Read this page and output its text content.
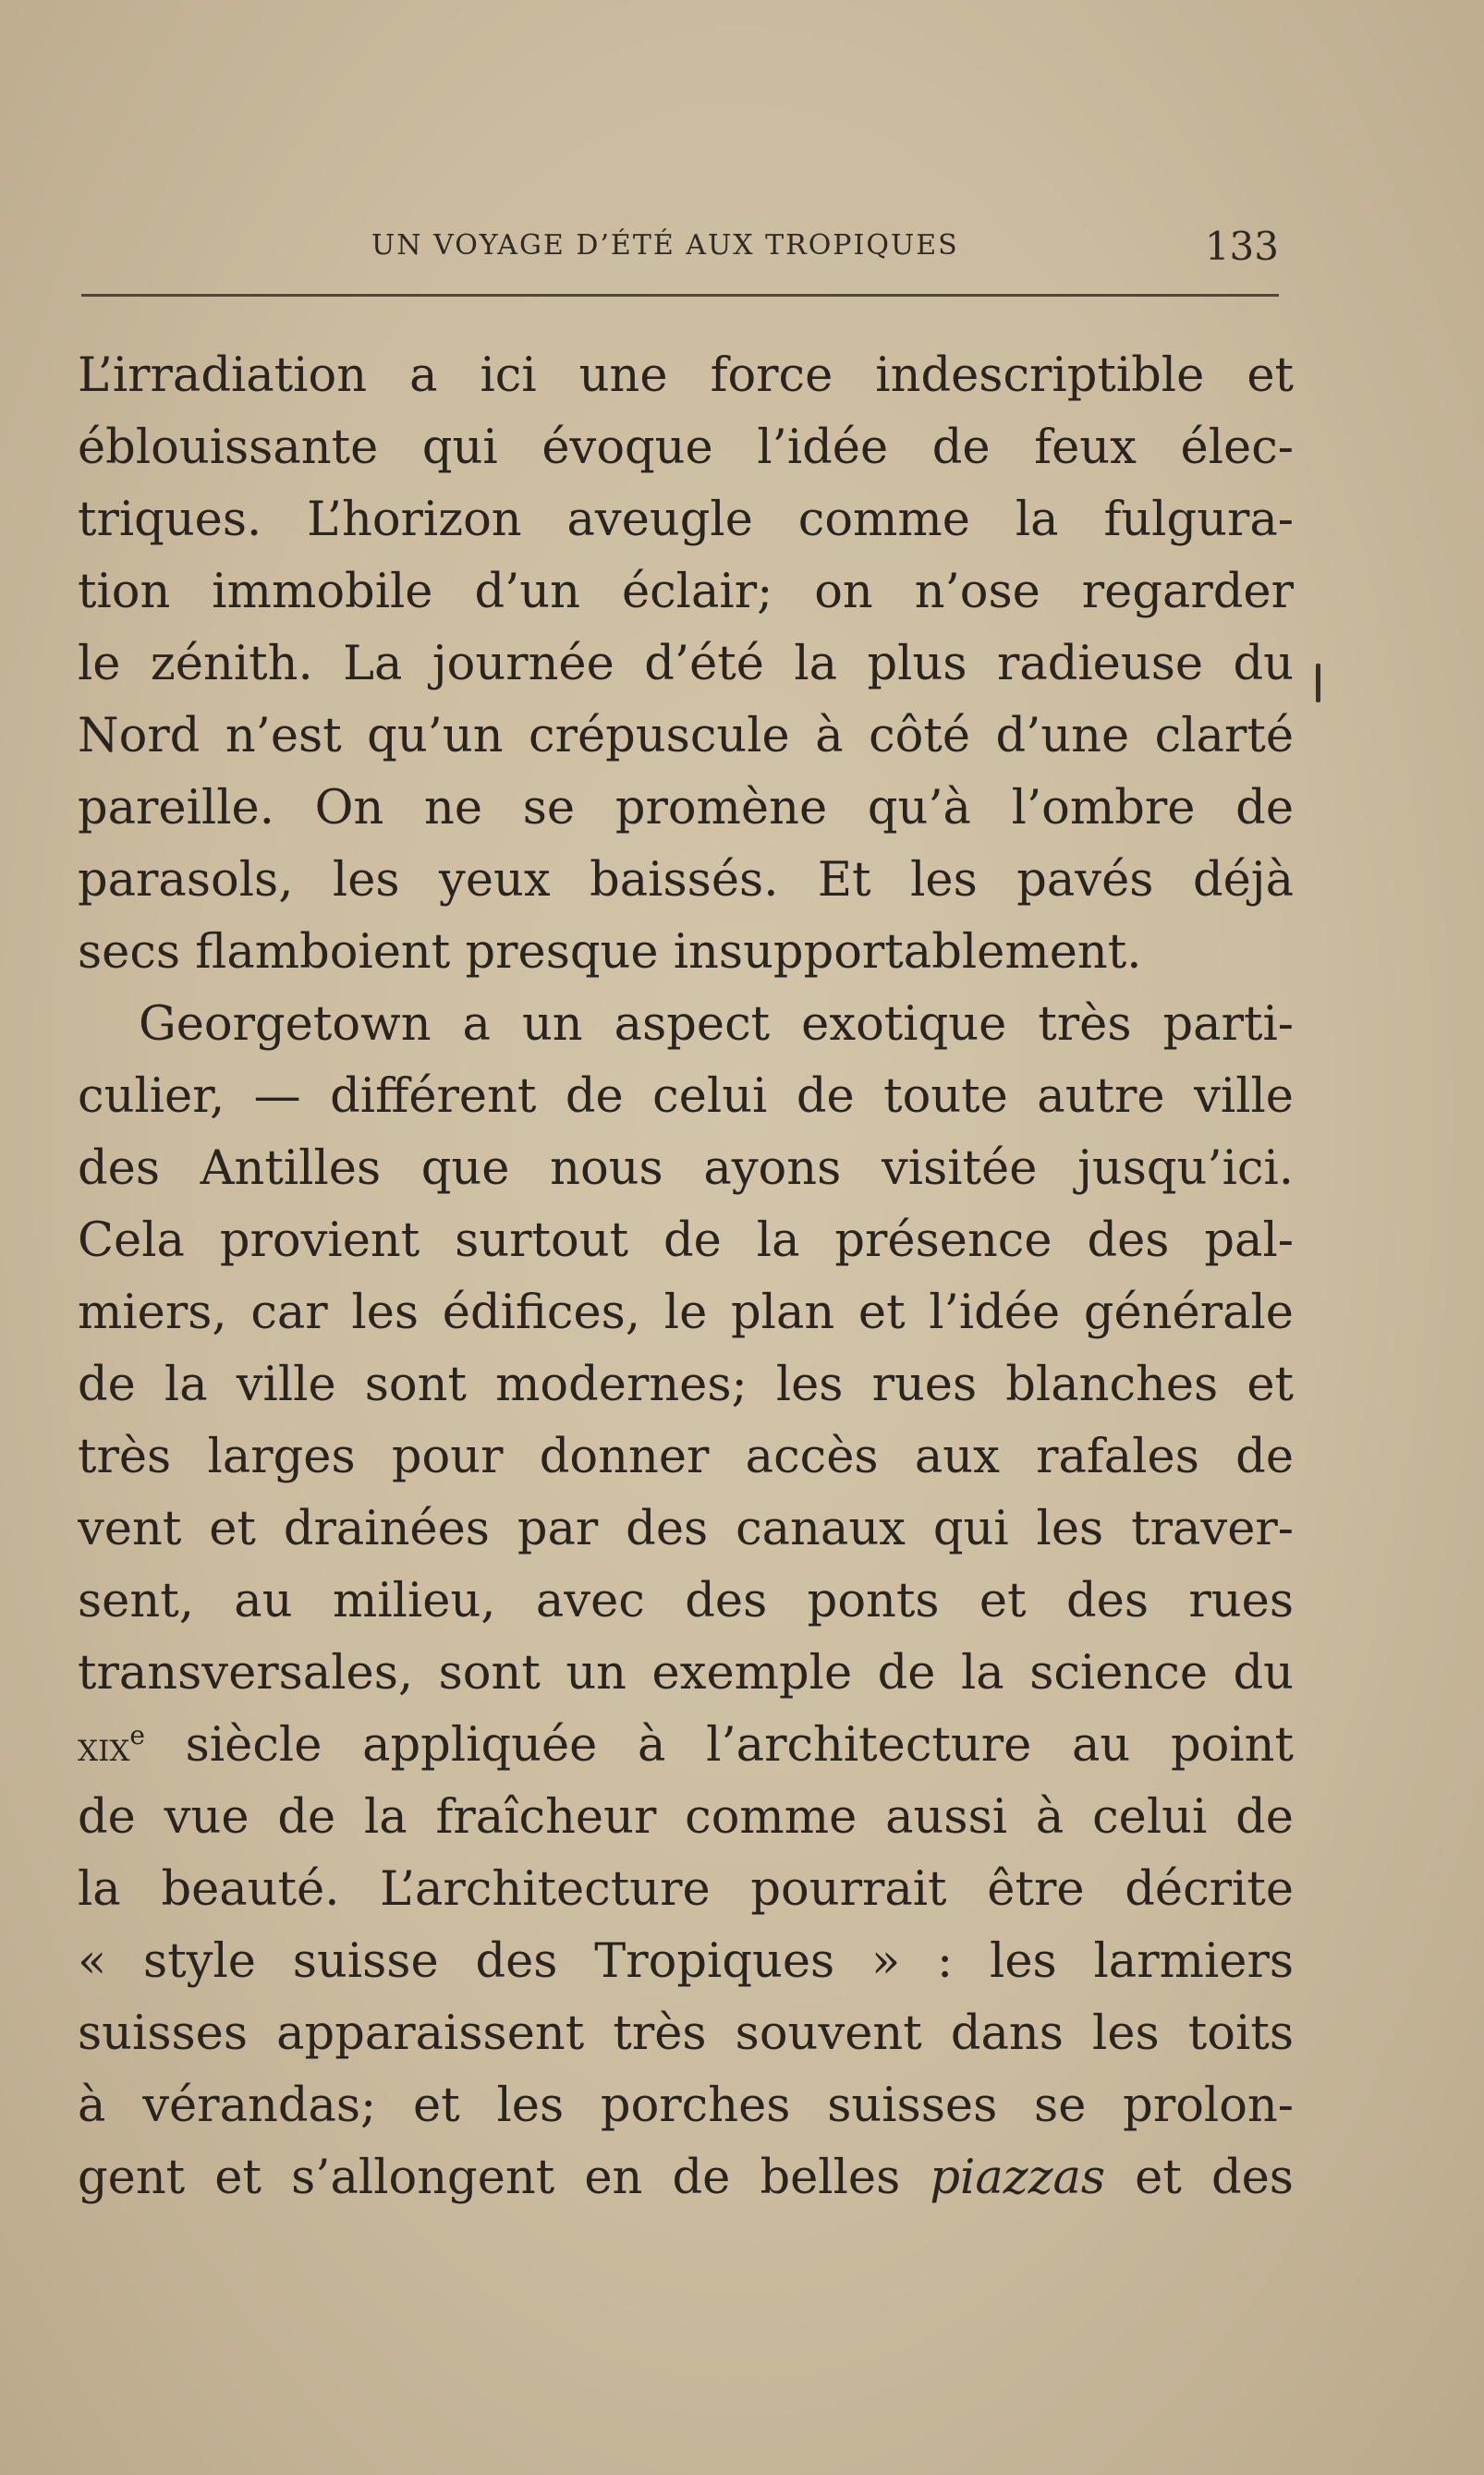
UN VOYAGE D’ÉTÉ AUX TROPIQUES	133
L’irradiation a ici une force indescriptible et
éblouissante qui évoque l’idée de feux élec-
triques. L’horizon aveugle comme la fulgura-
tion immobile d’un éclair; on n’ose regarder
le zénith. La journée d’été la plus radieuse du
Nord n’est qu’un crépuscule à côté d’une clarté
pareille. On ne se promène qu’à l’ombre de
parasols, les yeux baissés. Et les pavés déjà
secs flamboient presque insupportablement.
Georgetown a un aspect exotique très parti-
culier, — différent de celui de toute autre ville
des Antilles que nous ayons visitée jusqu’ici.
Cela provient surtout de la présence des pal-
miers, car les édifices, le plan et l’idée générale
de la ville sont modernes; les rues blanches et
très larges pour donner accès aux rafales de
vent et drainées par des canaux qui les traver-
sent, au milieu, avec des ponts et des rues
transversales, sont un exemple de la science du
xix$^e$ siècle appliquée à l’architecture au point
de vue de la fraîcheur comme aussi à celui de
la beauté. L’architecture pourrait être décrite
« style suisse des Tropiques » : les larmiers
suisses apparaissent très souvent dans les toits
à vérandas; et les porches suisses se prolon-
gent et s’allongent en de belles piazzas et des
